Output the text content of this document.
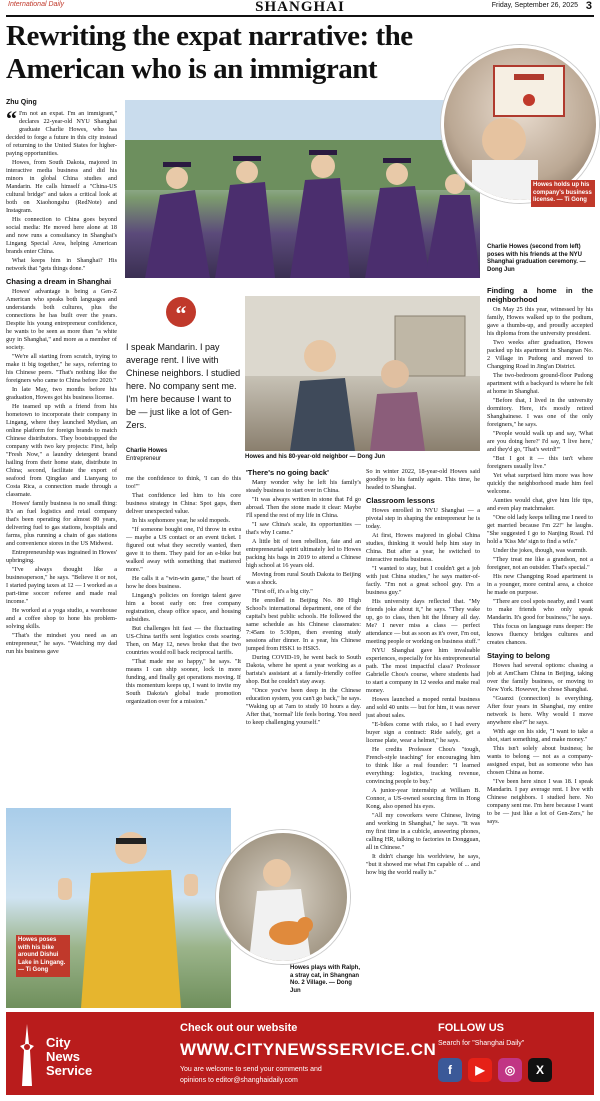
International Daily	SHANGHAI	Friday, September 26, 2025 3
Rewriting the expat narrative: the American who is an immigrant
Zhu Qing

“ I'm not an expat. I'm an immigrant," declares 22-year-old NYU Shanghai graduate Charlie Howes, who has decided to forge a future in this city instead of returning to the United States for higher-paying opportunities.

Howes, from South Dakota, majored in interactive media business and did his minors in global China studies and Mandarin. He calls himself a "China-US cultural bridge" and takes a critical look at both on Xiaohongshu (RedNote) and Instagram.

His connection to China goes beyond social media: He moved here alone at 18 and now runs a consultancy in Shanghai's Lingang Special Area, helping American brands enter China.

What keeps him in Shanghai? His network that "gets things done."

Chasing a dream in Shanghai

Howes' advantage is being a Gen-Z American who speaks both languages and understands both cultures, plus the connections he has built over the years. Despite his young entrepreneur confidence, he wants to be seen as more than "a white guy in Shanghai," and more as a member of society.

"We're all starting from scratch, trying to make it big together," he says, referring to his Chinese peers. "That's nothing like the foreigners who came to China before 2020."

In late May, two months before his graduation, Howes got his business license.

He teamed up with a friend from his hometown to incorporate their company in Lingang, where they launched Mydian, an online platform for foreign brands to match Chinese distributors. They bootstrapped the company with two key projects: First, help "Fresh Now," a laundry detergent brand hailing from their home state, distribute in China; second, facilitate the export of seafood from Qingdao and Lianyang to Costa Rica, a connection made through a classmate.

Howes' family business is no small thing: It's an fuel logistics and retail company that's been operating for almost 80 years, delivering fuel to gas stations, hospitals and farms, plus running a chain of gas stations and convenience stores in the US Midwest.

Entrepreneurship was ingrained in Howes' upbringing.

"I've always thought like a businessperson," he says. "Believe it or not, I started paying taxes at 12 — I worked as a part-time soccer referee and made real income."

He worked at a yoga studio, a warehouse and a coffee shop to hone his problem-solving skills.

"That's the mindset you need as an entrepreneur," he says. "Watching my dad run his business gave

Howes holds up his company's business license. — Ti Gong
Charlie Howes (second from left) poses with his friends at the NYU Shanghai graduation ceremony. — Dong Jun
“
I speak Mandarin. I pay average rent. I live with Chinese neighbors. I studied here. No company sent me. I'm here because I want to be — just like a lot of Gen-Zers.
Charlie Howes
Entrepreneur	Howes and his 80-year-old neighbor — Dong Jun

me the confidence to think, 'I can do this too!'"

That confidence led him to his core business strategy in China: Spot gaps, then deliver unexpected value.

In his sophomore year, he sold mopeds.

"If someone bought one, I'd throw in extra — maybe a US contact or an event ticket. I figured out what they secretly wanted, then gave it to them. They paid for an e-bike but walked away with something that mattered more."

He calls it a "win-win game," the heart of how he does business.

Lingang's policies on foreign talent gave him a boost early on: free company registration, cheap office space, and housing subsidies.

But challenges hit fast — the fluctuating US-China tariffs sent logistics costs soaring. Then, on May 12, news broke that the two countries would roll back reciprocal tariffs.

"That made me so happy," he says. "It means I can ship sooner, lock in more funding, and finally get operations moving. If this momentum keeps up, I want to invite my South Dakota's global trade promotion organization over for a mission."

'There's no going back'

Many wonder why he left his family's steady business to start over in China.

"It was always written in stone that I'd go abroad. Then the stone made it clear: Maybe I'll spend the rest of my life in China.

"I saw China's scale, its opportunities — that's why I came."

A little bit of teen rebellion, fate and an entrepreneurial spirit ultimately led to Howes packing his bags in 2019 to attend a Chinese high school at 16 years old.

Moving from rural South Dakota to Beijing was a shock.

"First off, it's a big city."

He enrolled in Beijing No. 80 High School's international department, one of the capital's best public schools. He followed the same schedule as his Chinese classmates: 7:45am to 5:30pm, then evening study sessions after dinner. In a year, his Chinese jumped from HSK1 to HSK5.

During COVID-19, he went back to South Dakota, where he spent a year working as a barista's assistant at a family-friendly coffee shop. But he couldn't stay away.

"Once you've been deep in the Chinese education system, you can't go back," he says. "Waking up at 7am to study 10 hours a day. After that, 'normal' life feels boring. You need to keep challenging yourself."

So in winter 2022, 18-year-old Howes said goodbye to his family again. This time, he headed to Shanghai.

Classroom lessons

Howes enrolled in NYU Shanghai — a pivotal step in shaping the entrepreneur he is today.

At first, Howes majored in global China studies, thinking it would help him stay in China. But after a year, he switched to interactive media business.

"I wanted to stay, but I couldn't get a job with just China studies," he says matter-of-factly. "I'm not a great school guy. I'm a business guy."

His university days reflected that. "My friends joke about it," he says. "They wake up, go to class, then hit the library all day. Me? I never miss a class — perfect attendance — but as soon as it's over, I'm out, meeting people or working on business stuff."

NYU Shanghai gave him invaluable experiences, especially for his entrepreneurial path. The most impactful class? Professor Gabrielle Chou's course, where students had to start a company in 12 weeks and make real money.

Howes launched a moped rental business and sold 40 units — but for him, it was never just about sales.

"E-bikes come with risks, so I had every buyer sign a contract: Ride safely, get a license plate, wear a helmet," he says.

He credits Professor Chou's "tough, French-style teaching" for encouraging him to think like a real founder: "I learned everything: logistics, tracking revenue, convincing people to buy."

A junior-year internship at William B. Connor, a US-owned sourcing firm in Hong Kong, also opened his eyes.

"All my coworkers were Chinese, living and working in Shanghai," he says. "It was my first time in a cubicle, answering phones, calling HR, talking to factories in Dongguan, all in Chinese."

It didn't change his worldview, he says, "but it showed me what I'm capable of ... and how big the world really is."

Finding a home in the neighborhood

On May 25 this year, witnessed by his family, Howes walked up to the podium, gave a thumbs-up, and proudly accepted his diploma from the university president.

Two weeks after graduation, Howes packed up his apartment in Shangnan No. 2 Village in Pudong and moved to Changping Road in Jing'an District.

The two-bedroom ground-floor Pudong apartment with a backyard is where he felt at home in Shanghai.

"Before that, I lived in the university dormitory. Here, it's mostly retired Shanghainese. I was one of the only foreigners," he says.

"People would walk up and say, 'What are you doing here?' I'd say, 'I live here,' and they'd go, 'That's weird!'"

"But I got it — this isn't where foreigners usually live."

Yet what surprised him more was how quickly the neighborhood made him feel welcome.

Aunties would chat, give him life tips, and even play matchmaker.

"One old lady keeps telling me I need to get married because I'm 22!" he laughs. "She suggested I go to Nanjing Road. I'd hold a 'Kiss Me' sign to find a wife."

Under the jokes, though, was warmth.

"They treat me like a grandson, not a foreigner, not an outsider. That's special."

His new Changping Road apartment is in a younger, more central area, a choice he made on purpose.

"There are cool spots nearby, and I want to make friends who only speak Mandarin. It's good for business," he says.

This focus on language runs deeper: He knows fluency bridges cultures and creates chances.

Staying to belong

Howes had several options: chasing a job at AmCham China in Beijing, taking over the family business, or moving to New York. However, he chose Shanghai.

"Guanxi (connection) is everything. After four years in Shanghai, my entire network is here. Why would I move anywhere else?" he says.

With age on his side, "I want to take a shot, start something, and make money."

This isn't solely about business; he wants to belong — not as a company-assigned expat, but as someone who has chosen China as home.

"I've been here since I was 18. I speak Mandarin. I pay average rent. I live with Chinese neighbors. I studied here. No company sent me. I'm here because I want to be — just like a lot of Gen-Zers," he says.

Howes poses with his bike around Dishui Lake in Lingang. — Ti Gong	Howes plays with Ralph, a stray cat, in Shangnan No. 2 Village. — Dong Jun
City
News
Service
Check out our website
WWW.CITYNEWSSERVICE.CN
You are welcome to send your comments and
opinions to editor@shanghaidaily.com
FOLLOW US
Search for "Shanghai Daily"
f	▶	◎	X
